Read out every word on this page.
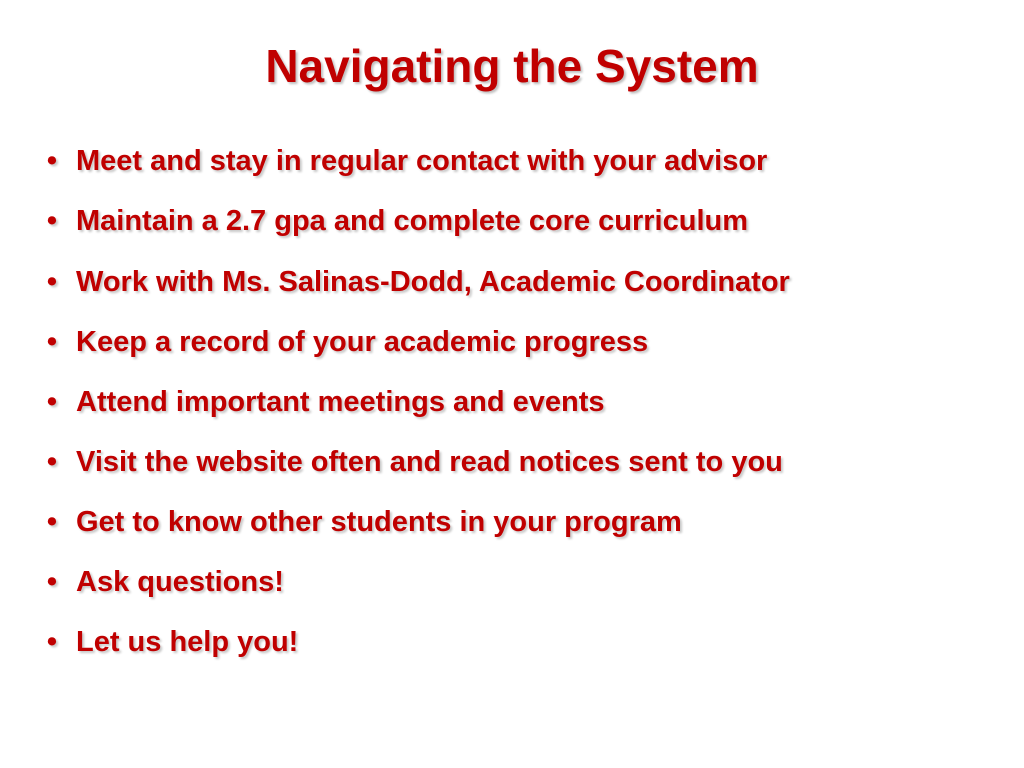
Navigating the System
• Meet and stay in regular contact with your advisor
• Maintain a 2.7 gpa and complete core curriculum
• Work with Ms. Salinas-Dodd, Academic Coordinator
• Keep a record of your academic progress
• Attend important meetings and events
• Visit the website often and read notices sent to you
• Get to know other students in your program
• Ask questions!
• Let us help you!
